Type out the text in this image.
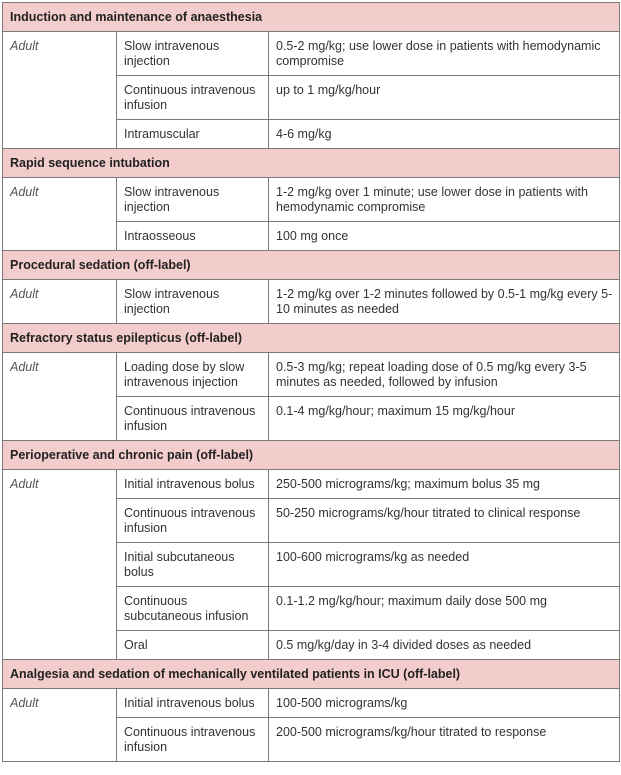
Induction and maintenance of anaesthesia		
Adult	Slow intravenous injection	0.5-2 mg/kg; use lower dose in patients with hemodynamic compromise
	Continuous intravenous infusion	up to 1 mg/kg/hour
	Intramuscular	4-6 mg/kg
Rapid sequence intubation		
Adult	Slow intravenous injection	1-2 mg/kg over 1 minute; use lower dose in patients with hemodynamic compromise
	Intraosseous	100 mg once
Procedural sedation (off-label)		
Adult	Slow intravenous injection	1-2 mg/kg over 1-2 minutes followed by 0.5-1 mg/kg every 5-10 minutes as needed
Refractory status epilepticus (off-label)		
Adult	Loading dose by slow intravenous injection	0.5-3 mg/kg; repeat loading dose of 0.5 mg/kg every 3-5 minutes as needed, followed by infusion
	Continuous intravenous infusion	0.1-4 mg/kg/hour; maximum 15 mg/kg/hour
Perioperative and chronic pain (off-label)		
Adult	Initial intravenous bolus	250-500 micrograms/kg; maximum bolus 35 mg
	Continuous intravenous infusion	50-250 micrograms/kg/hour titrated to clinical response
	Initial subcutaneous bolus	100-600 micrograms/kg as needed
	Continuous subcutaneous infusion	0.1-1.2 mg/kg/hour; maximum daily dose 500 mg
	Oral	0.5 mg/kg/day in 3-4 divided doses as needed
Analgesia and sedation of mechanically ventilated patients in ICU (off-label)		
Adult	Initial intravenous bolus	100-500 micrograms/kg
	Continuous intravenous infusion	200-500 micrograms/kg/hour titrated to response
